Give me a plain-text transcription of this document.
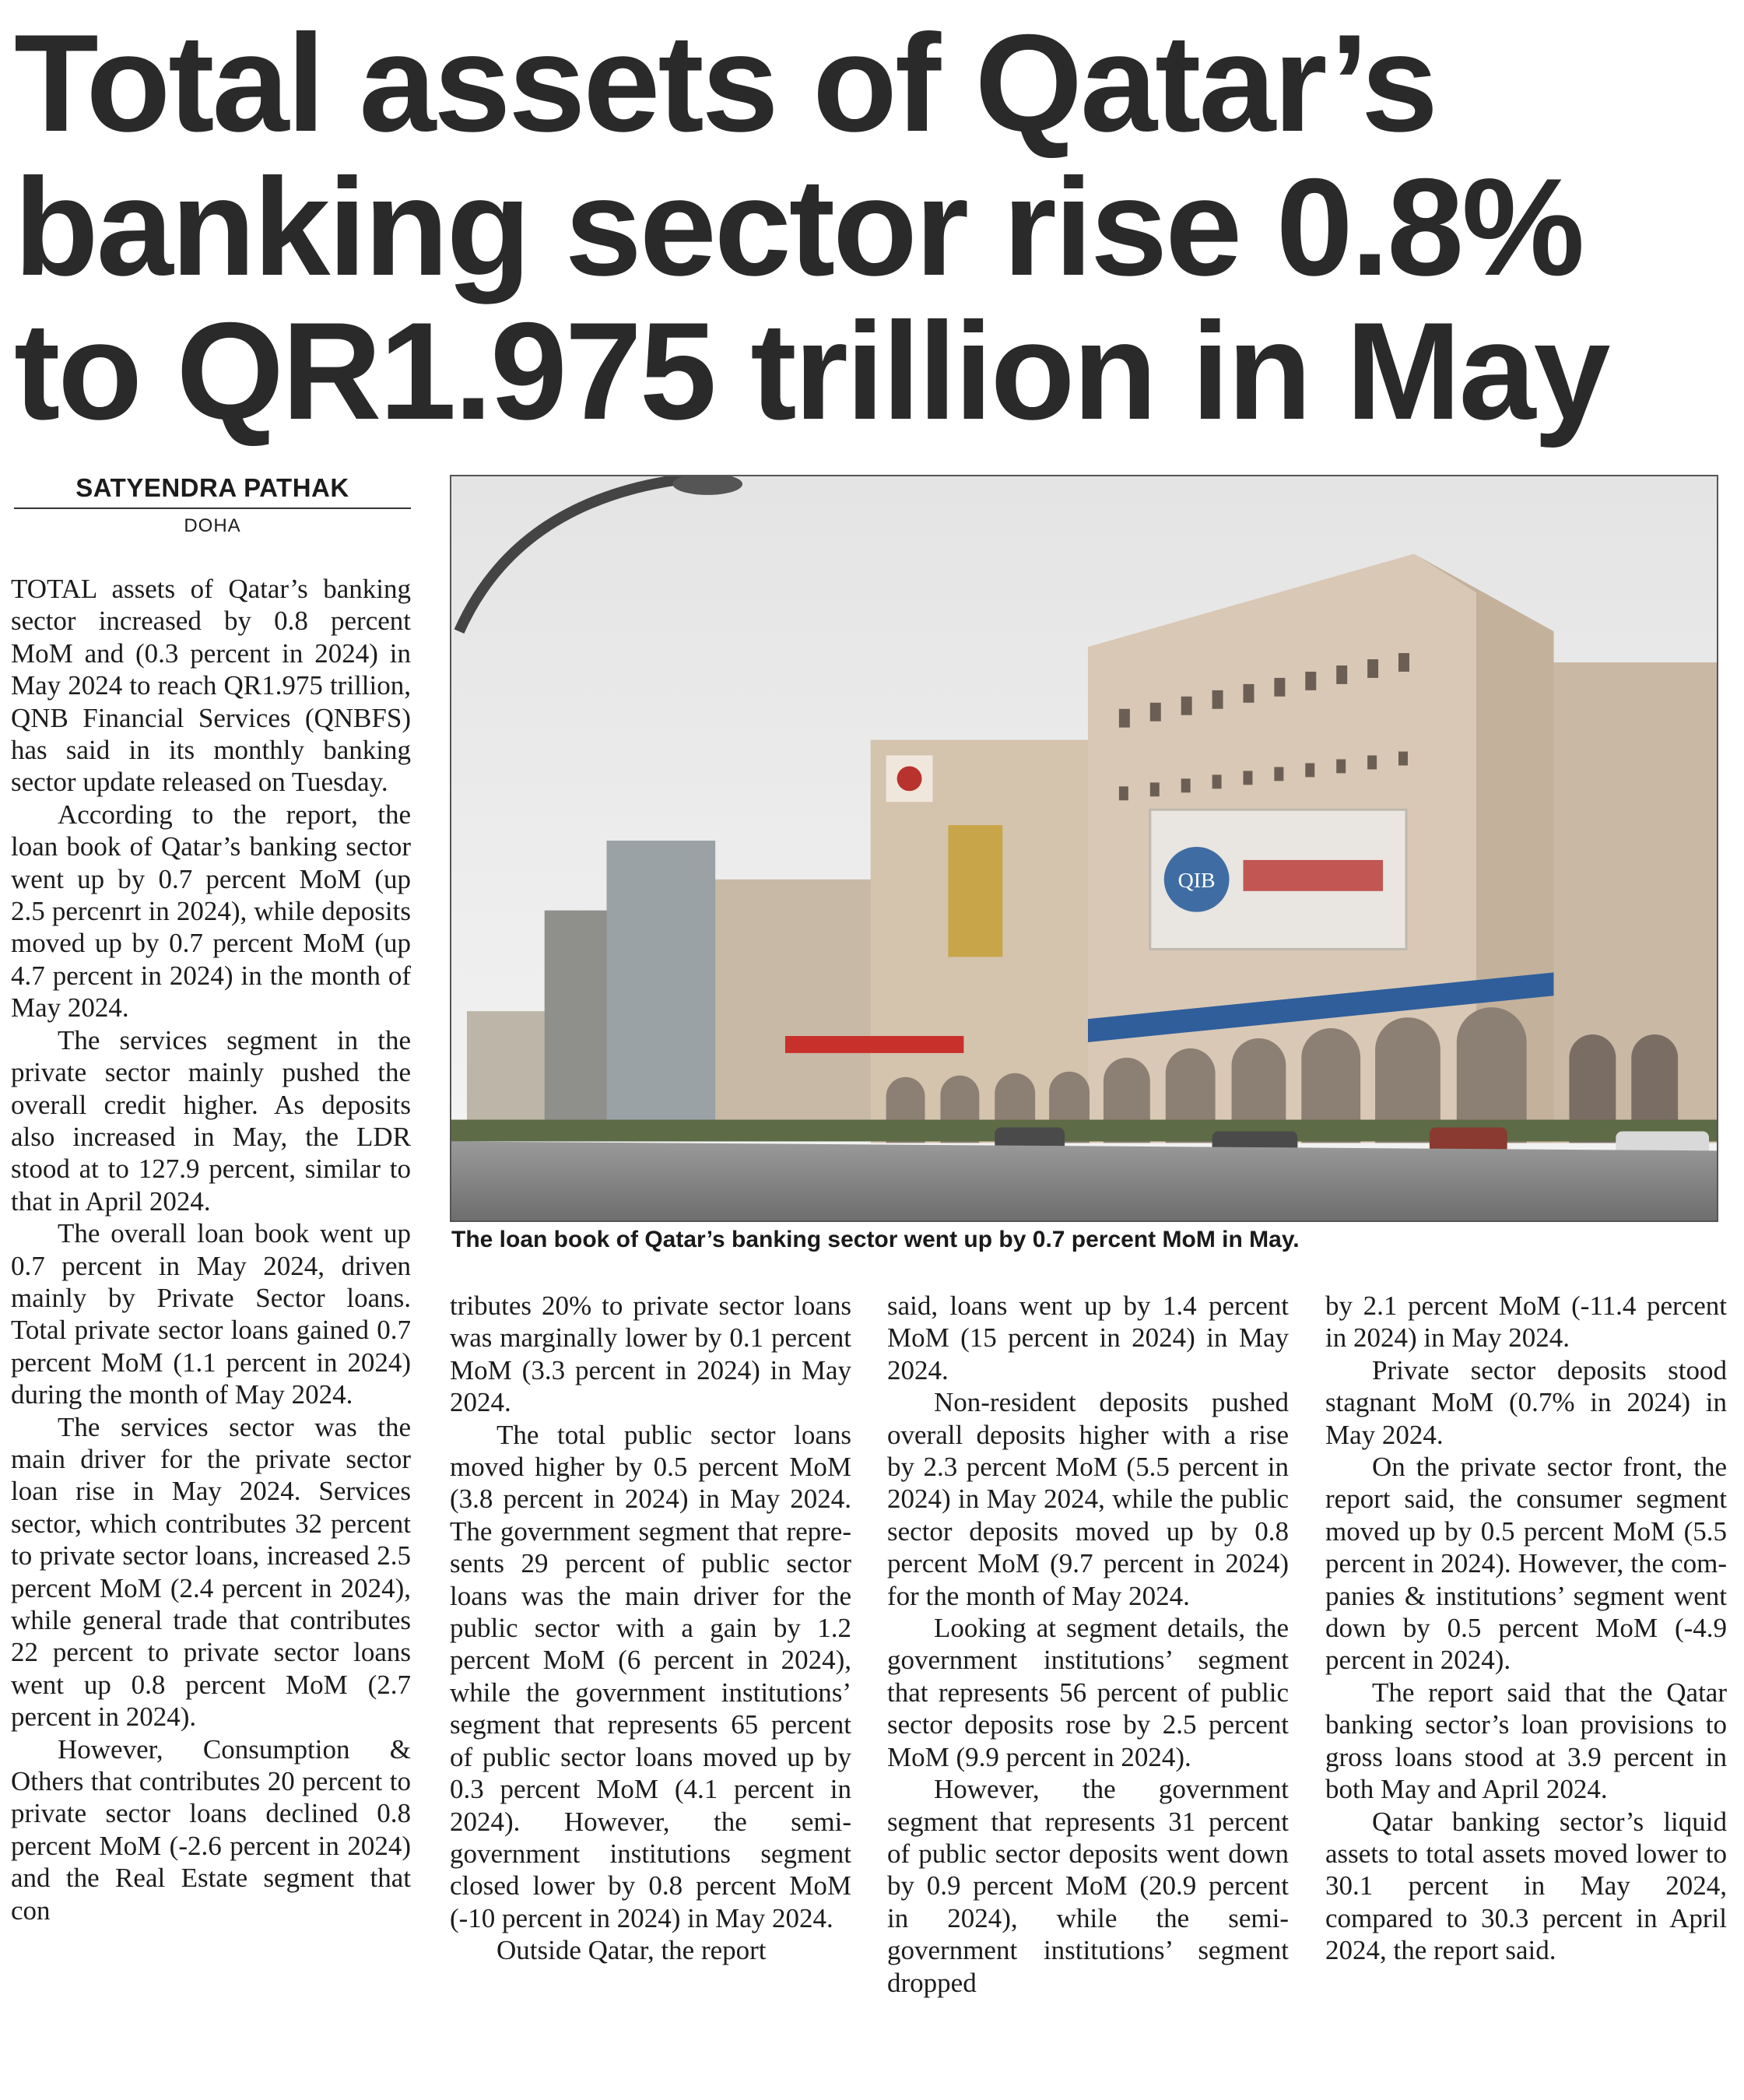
Total assets of Qatar’s
banking sector rise 0.8%
to QR1.975 trillion in May
SATYENDRA PATHAK
DOHA
QIB
The loan book of Qatar’s banking sector went up by 0.7 percent MoM in May.

TOTAL assets of Qatar’s banking sector increased by 0.8 percent MoM and (0.3 percent in 2024) in May 2024 to reach QR1.975 trillion, QNB Financial Services (QNBFS) has said in its monthly banking sector update released on Tuesday.

According to the report, the loan book of Qatar’s banking sector went up by 0.7 percent MoM (up 2.5 percenrt in 2024), while deposits moved up by 0.7 percent MoM (up 4.7 percent in 2024) in the month of May 2024.

The services segment in the private sector mainly pushed the overall credit higher. As deposits also increased in May, the LDR stood at to 127.9 percent, similar to that in April 2024.

The overall loan book went up 0.7 percent in May 2024, driven mainly by Private Sector loans. Total private sector loans gained 0.7 percent MoM (1.1 percent in 2024) during the month of May 2024.

The services sector was the main driver for the private sector loan rise in May 2024. Services sector, which contributes 32 percent to private sector loans, increased 2.5 percent MoM (2.4 percent in 2024), while general trade that contributes 22 percent to private sector loans went up 0.8 percent MoM (2.7 percent in 2024).

However, Consumption & Others that contributes 20 percent to private sector loans declined 0.8 percent MoM (-2.6 percent in 2024) and the Real Estate segment that con

tributes 20% to private sector loans was marginally lower by 0.1 percent MoM (3.3 percent in 2024) in May 2024.

The total public sector loans moved higher by 0.5 percent MoM (3.8 percent in 2024) in May 2024. The government segment that represents 29 percent of public sector loans was the main driver for the public sector with a gain by 1.2 percent MoM (6 percent in 2024), while the government institutions’ segment that represents 65 percent of public sector loans moved up by 0.3 percent MoM (4.1 percent in 2024). However, the semi-government institutions segment closed lower by 0.8 percent MoM (-10 percent in 2024) in May 2024.

Outside Qatar, the report

said, loans went up by 1.4 percent MoM (15 percent in 2024) in May 2024.

Non-resident deposits pushed overall deposits higher with a rise by 2.3 percent MoM (5.5 percent in 2024) in May 2024, while the public sector deposits moved up by 0.8 percent MoM (9.7 percent in 2024) for the month of May 2024.

Looking at segment details, the government institutions’ segment that represents 56 percent of public sector deposits rose by 2.5 percent MoM (9.9 percent in 2024).

However, the government segment that represents 31 percent of public sector deposits went down by 0.9 percent MoM (20.9 percent in 2024), while the semi-government institutions’ segment dropped

by 2.1 percent MoM (-11.4 percent in 2024) in May 2024.

Private sector deposits stood stagnant MoM (0.7% in 2024) in May 2024.

On the private sector front, the report said, the consumer segment moved up by 0.5 percent MoM (5.5 percent in 2024). However, the companies & institutions’ segment went down by 0.5 percent MoM (-4.9 percent in 2024).

The report said that the Qatar banking sector’s loan provisions to gross loans stood at 3.9 percent in both May and April 2024.

Qatar banking sector’s liquid assets to total assets moved lower to 30.1 percent in May 2024, compared to 30.3 percent in April 2024, the report said.
